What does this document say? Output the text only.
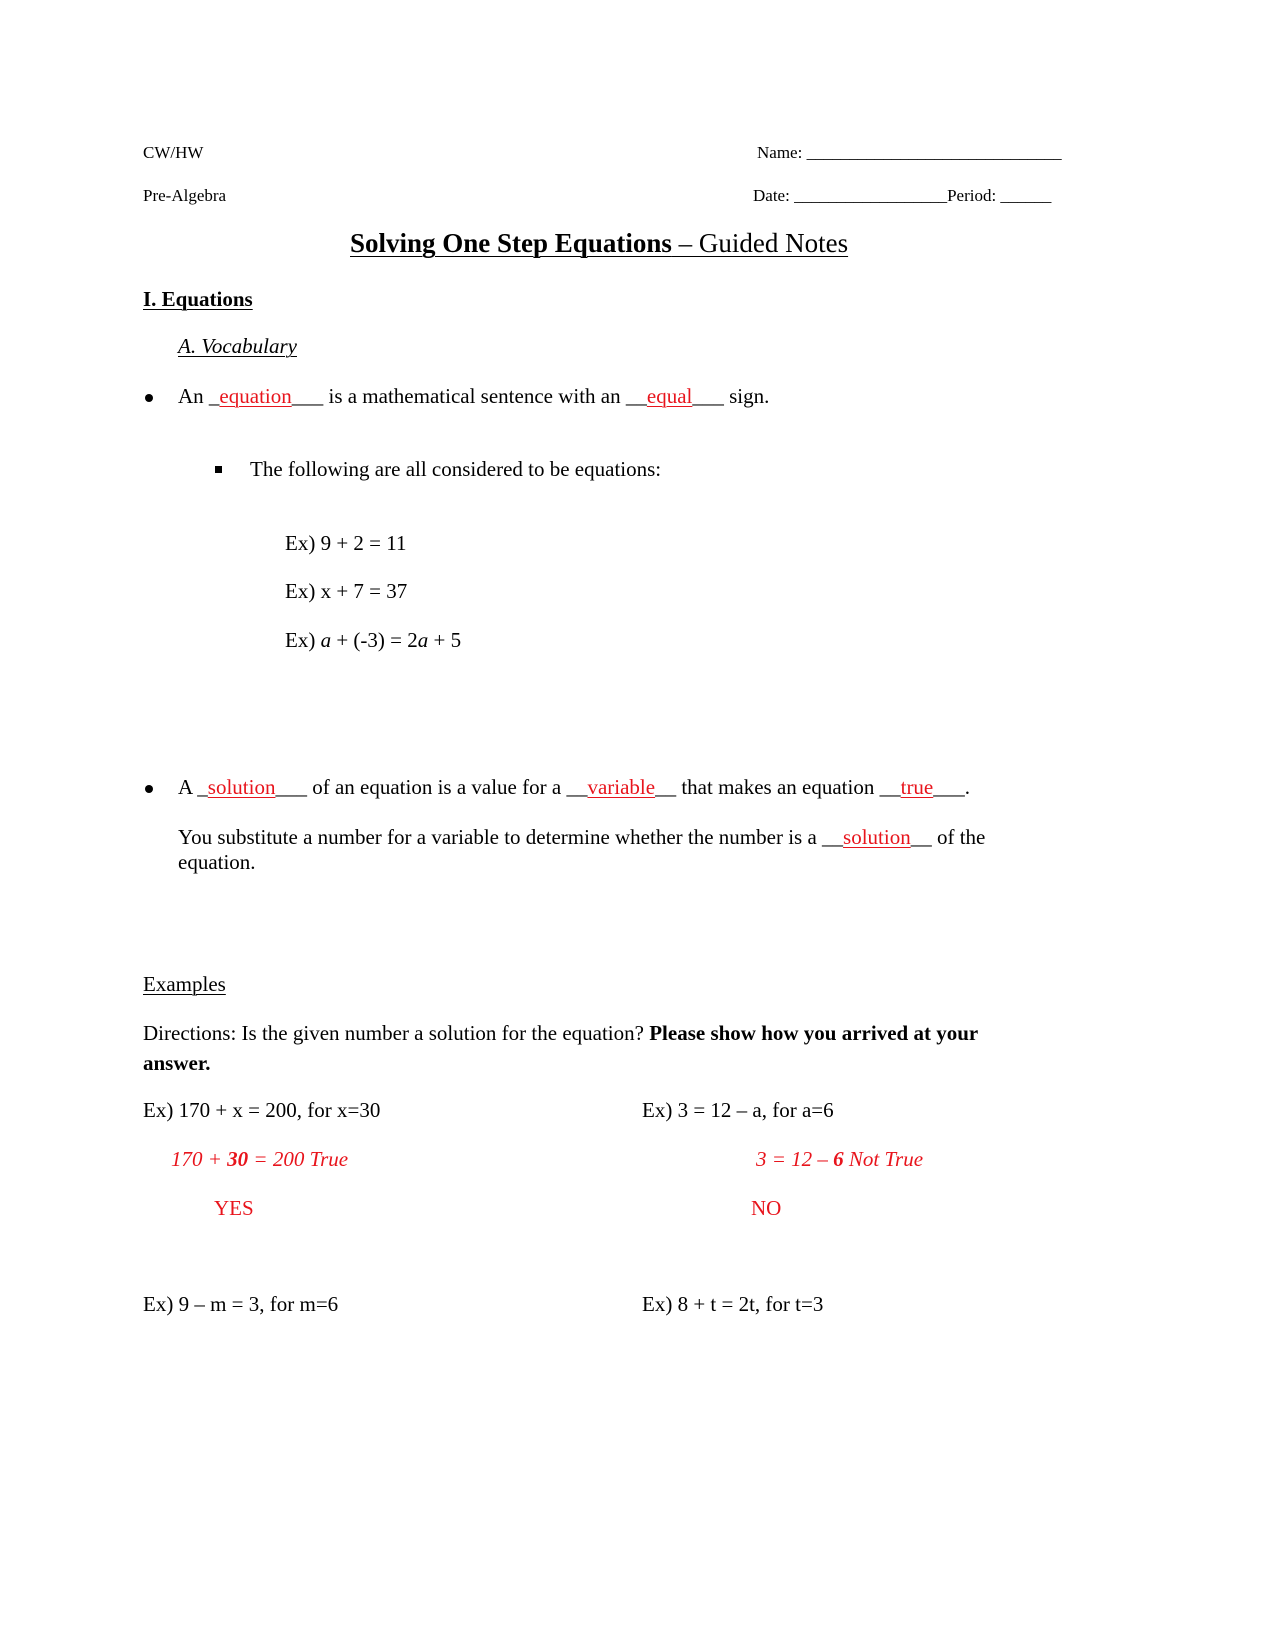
CW/HW
Pre-Algebra
Name: ______________________________
Date: __________________Period: ______
Solving One Step Equations – Guided Notes
I. Equations
A. Vocabulary
An _equation___ is a mathematical sentence with an __equal___ sign.
The following are all considered to be equations:
Ex) 9 + 2 = 11
Ex) x + 7 = 37
Ex) a + (-3) = 2a + 5
A _solution___ of an equation is a value for a __variable__ that makes an equation __true___.
You substitute a number for a variable to determine whether the number is a __solution__ of the
equation.
Examples
Directions: Is the given number a solution for the equation? Please show how you arrived at your
answer.
Ex) 170 + x = 200, for x=30	Ex) 3 = 12 – a, for a=6
170 + 30 = 200 True	3 = 12 – 6 Not True
YES	NO
Ex) 9 – m = 3, for m=6	Ex) 8 + t = 2t, for t=3
